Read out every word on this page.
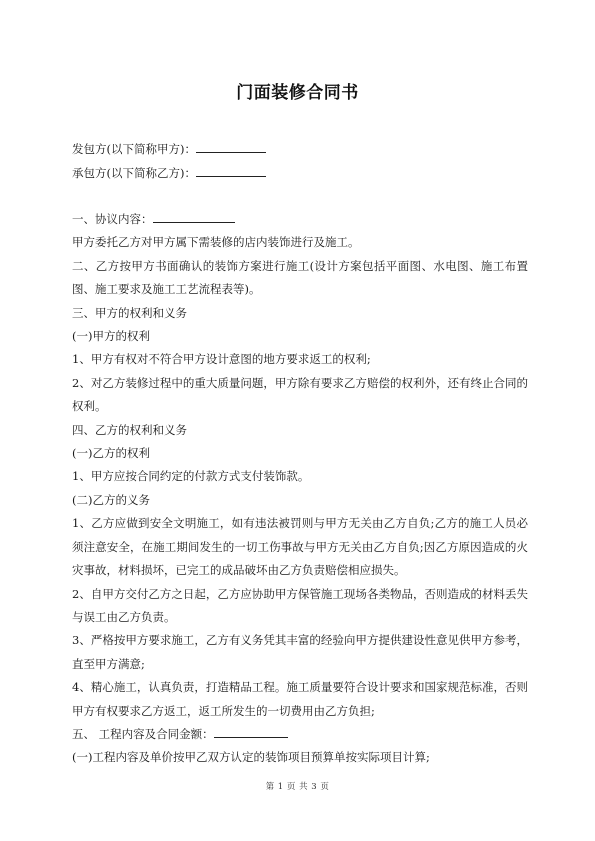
门面装修合同书
发包方(以下简称甲方)：
承包方(以下简称乙方)：

一、协议内容：

甲方委托乙方对甲方属下需装修的店内装饰进行及施工。

二、乙方按甲方书面确认的装饰方案进行施工(设计方案包括平面图、水电图、施工布置图、施工要求及施工工艺流程表等)。

三、甲方的权利和义务

(一)甲方的权利

1、甲方有权对不符合甲方设计意图的地方要求返工的权利;

2、对乙方装修过程中的重大质量问题，甲方除有要求乙方赔偿的权利外，还有终止合同的权利。

四、乙方的权利和义务

(一)乙方的权利

1、甲方应按合同约定的付款方式支付装饰款。

(二)乙方的义务

1、乙方应做到安全文明施工，如有违法被罚则与甲方无关由乙方自负;乙方的施工人员必须注意安全，在施工期间发生的一切工伤事故与甲方无关由乙方自负;因乙方原因造成的火灾事故，材料损坏，已完工的成品破坏由乙方负责赔偿相应损失。

2、自甲方交付乙方之日起，乙方应协助甲方保管施工现场各类物品，否则造成的材料丢失与误工由乙方负责。

3、严格按甲方要求施工，乙方有义务凭其丰富的经验向甲方提供建设性意见供甲方参考，直至甲方满意;

4、精心施工，认真负责，打造精品工程。施工质量要符合设计要求和国家规范标准，否则甲方有权要求乙方返工，返工所发生的一切费用由乙方负担;

五、 工程内容及合同金额：

(一)工程内容及单价按甲乙双方认定的装饰项目预算单按实际项目计算;

第 1 页 共 3 页
